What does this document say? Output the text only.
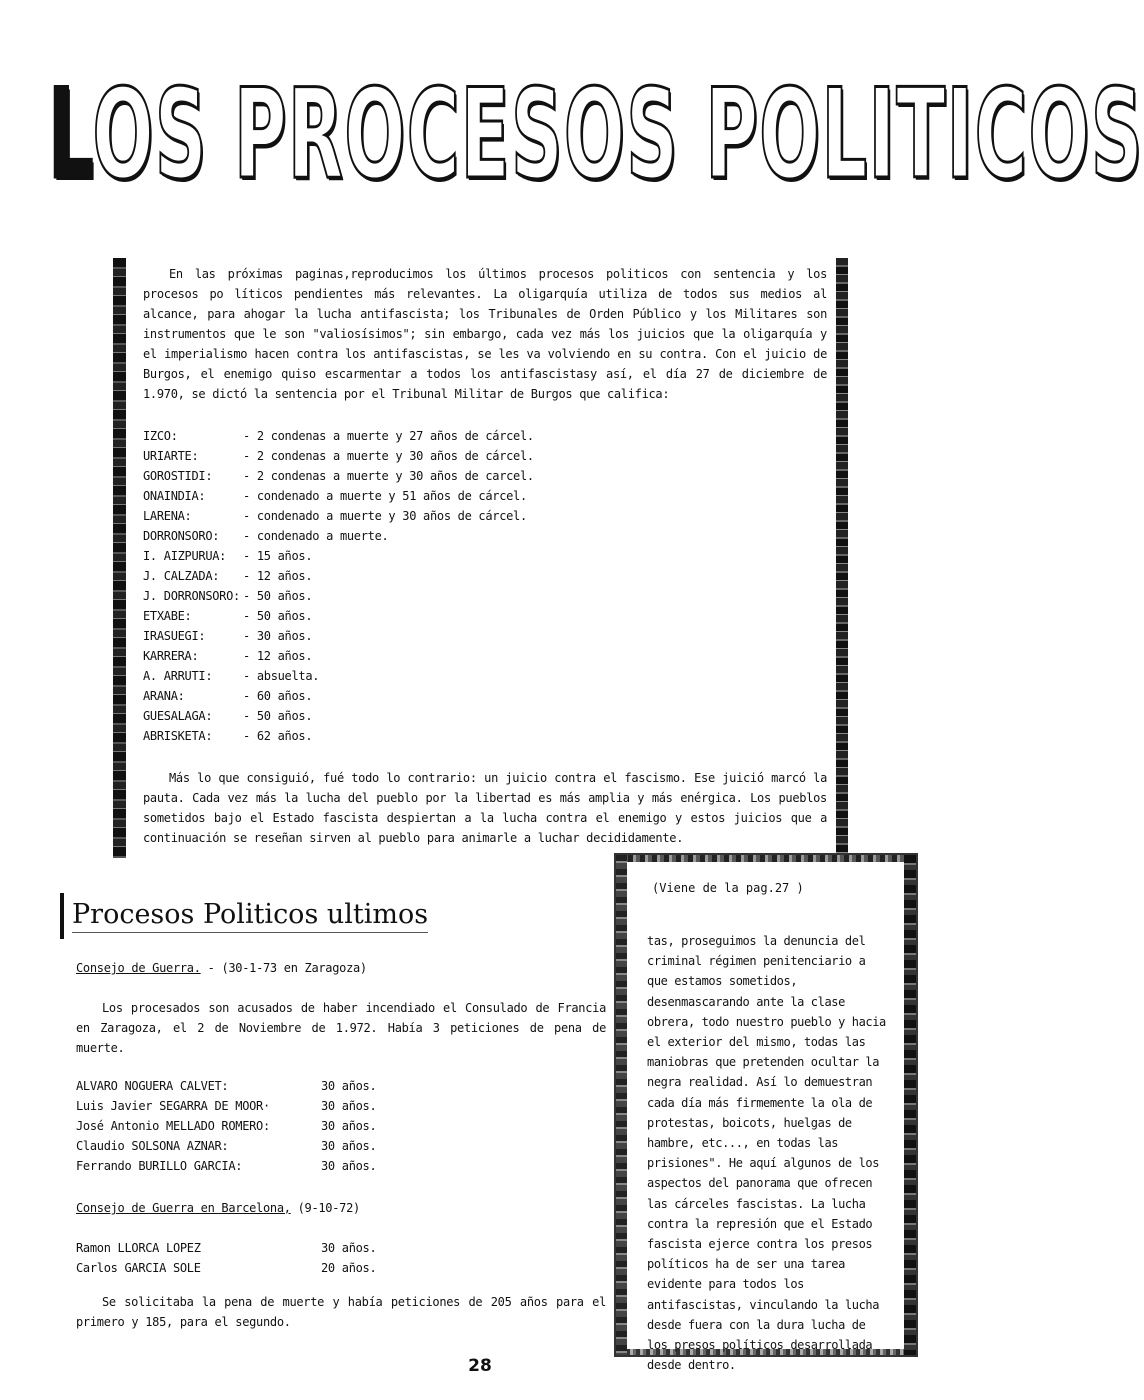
LOS PROCESOS POLITICOS

En las próximas paginas,reproducimos los últimos procesos politicos con sentencia y los procesos po líticos pendientes más relevantes. La oligarquía utiliza de todos sus medios al alcance, para ahogar la lucha antifascista; los Tribunales de Orden Público y los Militares son instrumentos que le son "valiosísimos"; sin embargo, cada vez más los juicios que la oligarquía y el imperialismo hacen contra los antifascistas, se les va volviendo en su contra. Con el juicio de Burgos, el enemigo quiso escarmentar a todos los antifascistasy así, el día 27 de diciembre de 1.970, se dictó la sentencia por el Tribunal Militar de Burgos que califica:

IZCO:	- 2 condenas a muerte y 27 años de cárcel.
URIARTE:	- 2 condenas a muerte y 30 años de cárcel.
GOROSTIDI:	- 2 condenas a muerte y 30 años de carcel.
ONAINDIA:	- condenado a muerte y 51 años de cárcel.
LARENA:	- condenado a muerte y 30 años de cárcel.
DORRONSORO:	- condenado a muerte.
I. AIZPURUA:	- 15 años.
J. CALZADA:	- 12 años.
J. DORRONSORO: - 50 años.
ETXABE:	- 50 años.
IRASUEGI:	- 30 años.
KARRERA:	- 12 años.
A. ARRUTI:	- absuelta.
ARANA:	- 60 años.
GUESALAGA:	- 50 años.
ABRISKETA:	- 62 años.

Más lo que consiguió, fué todo lo contrario: un juicio contra el fascismo. Ese juició marcó la pauta. Cada vez más la lucha del pueblo por la libertad es más amplia y más enérgica. Los pueblos sometidos bajo el Estado fascista despiertan a la lucha contra el enemigo y estos juicios que a continuación se reseñan sirven al pueblo para animarle a luchar decididamente.

Procesos Politicos ultimos
Consejo de Guerra. - (30-1-73 en Zaragoza)

Los procesados son acusados de haber incendiado el Consulado de Francia en Zaragoza, el 2 de Noviembre de 1.972. Había 3 peticiones de pena de muerte.

ALVARO NOGUERA CALVET:	30 años.
Luis Javier SEGARRA DE MOOR·	30 años.
José Antonio MELLADO ROMERO:	30 años.
Claudio SOLSONA AZNAR:	30 años.
Ferrando BURILLO GARCIA:	30 años.
Consejo de Guerra en Barcelona, (9-10-72)
Ramon LLORCA LOPEZ	30 años.
Carlos GARCIA SOLE	20 años.

Se solicitaba la pena de muerte y había peticiones de 205 años para el primero y 185, para el segundo.

(Viene de la pag.27 )
tas, proseguimos la denuncia del criminal régimen penitenciario a que estamos sometidos, desenmascarando ante la clase obrera, todo nuestro pueblo y hacia el exterior del mismo, todas las maniobras que pretenden ocultar la negra realidad. Así lo demuestran cada día más firmemente la ola de protestas, boicots, huelgas de hambre, etc..., en todas las prisiones". He aquí algunos de los aspectos del panorama que ofrecen las cárceles fascistas. La lucha contra la represión que el Estado fascista ejerce contra los presos políticos ha de ser una tarea evidente para todos los antifascistas, vinculando la lucha desde fuera con la dura lucha de los presos políticos desarrollada desde dentro.
28
